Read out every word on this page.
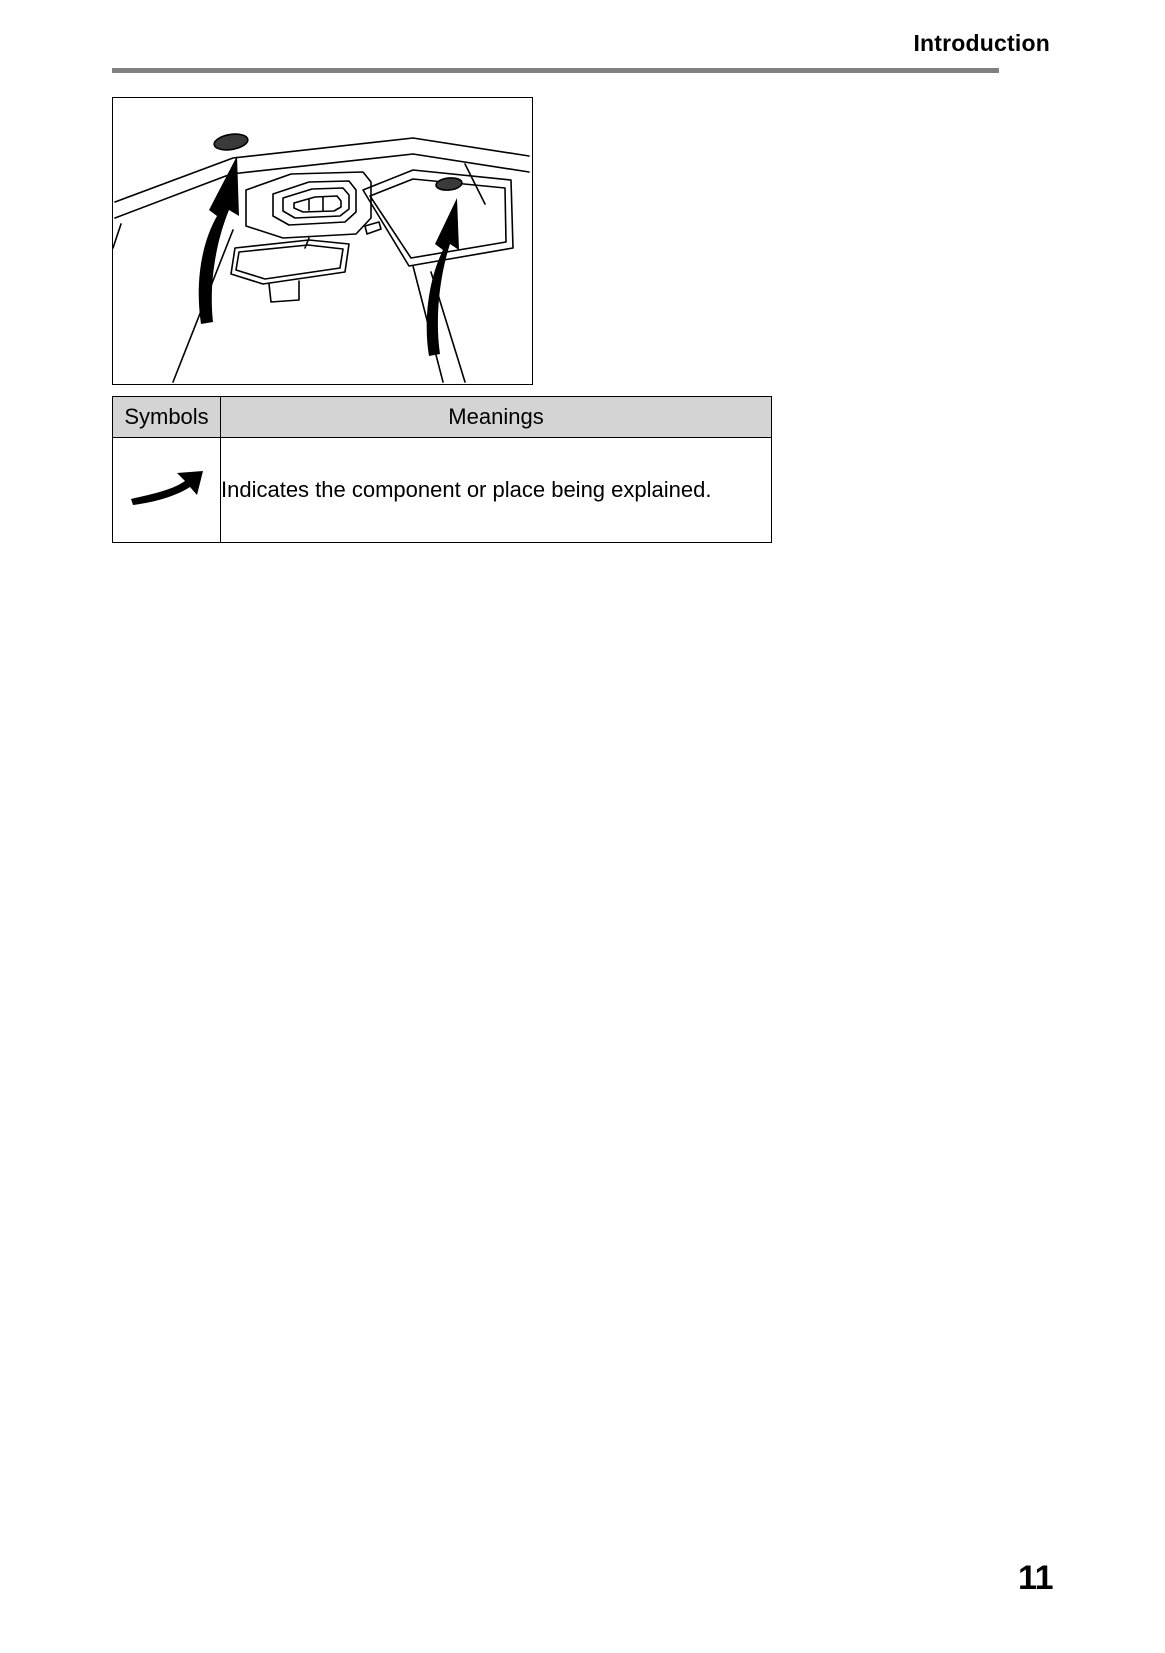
Introduction
Symbols	Meanings
	Indicates the component or place being explained.
11
